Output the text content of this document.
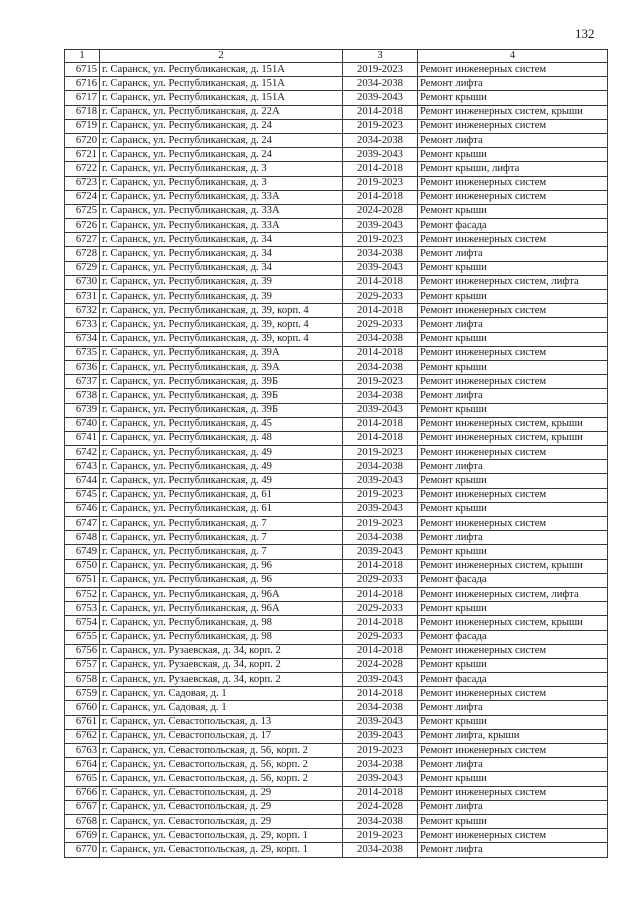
132
1	2	3	4
6715	г. Саранск, ул. Республиканская, д. 151А	2019-2023	Ремонт инженерных систем
6716	г. Саранск, ул. Республиканская, д. 151А	2034-2038	Ремонт лифта
6717	г. Саранск, ул. Республиканская, д. 151А	2039-2043	Ремонт крыши
6718	г. Саранск, ул. Республиканская, д. 22А	2014-2018	Ремонт инженерных систем, крыши
6719	г. Саранск, ул. Республиканская, д. 24	2019-2023	Ремонт инженерных систем
6720	г. Саранск, ул. Республиканская, д. 24	2034-2038	Ремонт лифта
6721	г. Саранск, ул. Республиканская, д. 24	2039-2043	Ремонт крыши
6722	г. Саранск, ул. Республиканская, д. 3	2014-2018	Ремонт крыши, лифта
6723	г. Саранск, ул. Республиканская, д. 3	2019-2023	Ремонт инженерных систем
6724	г. Саранск, ул. Республиканская, д. 33А	2014-2018	Ремонт инженерных систем
6725	г. Саранск, ул. Республиканская, д. 33А	2024-2028	Ремонт крыши
6726	г. Саранск, ул. Республиканская, д. 33А	2039-2043	Ремонт фасада
6727	г. Саранск, ул. Республиканская, д. 34	2019-2023	Ремонт инженерных систем
6728	г. Саранск, ул. Республиканская, д. 34	2034-2038	Ремонт лифта
6729	г. Саранск, ул. Республиканская, д. 34	2039-2043	Ремонт крыши
6730	г. Саранск, ул. Республиканская, д. 39	2014-2018	Ремонт инженерных систем, лифта
6731	г. Саранск, ул. Республиканская, д. 39	2029-2033	Ремонт крыши
6732	г. Саранск, ул. Республиканская, д. 39, корп. 4	2014-2018	Ремонт инженерных систем
6733	г. Саранск, ул. Республиканская, д. 39, корп. 4	2029-2033	Ремонт лифта
6734	г. Саранск, ул. Республиканская, д. 39, корп. 4	2034-2038	Ремонт крыши
6735	г. Саранск, ул. Республиканская, д. 39А	2014-2018	Ремонт инженерных систем
6736	г. Саранск, ул. Республиканская, д. 39А	2034-2038	Ремонт крыши
6737	г. Саранск, ул. Республиканская, д. 39Б	2019-2023	Ремонт инженерных систем
6738	г. Саранск, ул. Республиканская, д. 39Б	2034-2038	Ремонт лифта
6739	г. Саранск, ул. Республиканская, д. 39Б	2039-2043	Ремонт крыши
6740	г. Саранск, ул. Республиканская, д. 45	2014-2018	Ремонт инженерных систем, крыши
6741	г. Саранск, ул. Республиканская, д. 48	2014-2018	Ремонт инженерных систем, крыши
6742	г. Саранск, ул. Республиканская, д. 49	2019-2023	Ремонт инженерных систем
6743	г. Саранск, ул. Республиканская, д. 49	2034-2038	Ремонт лифта
6744	г. Саранск, ул. Республиканская, д. 49	2039-2043	Ремонт крыши
6745	г. Саранск, ул. Республиканская, д. 61	2019-2023	Ремонт инженерных систем
6746	г. Саранск, ул. Республиканская, д. 61	2039-2043	Ремонт крыши
6747	г. Саранск, ул. Республиканская, д. 7	2019-2023	Ремонт инженерных систем
6748	г. Саранск, ул. Республиканская, д. 7	2034-2038	Ремонт лифта
6749	г. Саранск, ул. Республиканская, д. 7	2039-2043	Ремонт крыши
6750	г. Саранск, ул. Республиканская, д. 96	2014-2018	Ремонт инженерных систем, крыши
6751	г. Саранск, ул. Республиканская, д. 96	2029-2033	Ремонт фасада
6752	г. Саранск, ул. Республиканская, д. 96А	2014-2018	Ремонт инженерных систем, лифта
6753	г. Саранск, ул. Республиканская, д. 96А	2029-2033	Ремонт крыши
6754	г. Саранск, ул. Республиканская, д. 98	2014-2018	Ремонт инженерных систем, крыши
6755	г. Саранск, ул. Республиканская, д. 98	2029-2033	Ремонт фасада
6756	г. Саранск, ул. Рузаевская, д. 34, корп. 2	2014-2018	Ремонт инженерных систем
6757	г. Саранск, ул. Рузаевская, д. 34, корп. 2	2024-2028	Ремонт крыши
6758	г. Саранск, ул. Рузаевская, д. 34, корп. 2	2039-2043	Ремонт фасада
6759	г. Саранск, ул. Садовая, д. 1	2014-2018	Ремонт инженерных систем
6760	г. Саранск, ул. Садовая, д. 1	2034-2038	Ремонт лифта
6761	г. Саранск, ул. Севастопольская, д. 13	2039-2043	Ремонт крыши
6762	г. Саранск, ул. Севастопольская, д. 17	2039-2043	Ремонт лифта, крыши
6763	г. Саранск, ул. Севастопольская, д. 56, корп. 2	2019-2023	Ремонт инженерных систем
6764	г. Саранск, ул. Севастопольская, д. 56, корп. 2	2034-2038	Ремонт лифта
6765	г. Саранск, ул. Севастопольская, д. 56, корп. 2	2039-2043	Ремонт крыши
6766	г. Саранск, ул. Севастопольская, д. 29	2014-2018	Ремонт инженерных систем
6767	г. Саранск, ул. Севастопольская, д. 29	2024-2028	Ремонт лифта
6768	г. Саранск, ул. Севастопольская, д. 29	2034-2038	Ремонт крыши
6769	г. Саранск, ул. Севастопольская, д. 29, корп. 1	2019-2023	Ремонт инженерных систем
6770	г. Саранск, ул. Севастопольская, д. 29, корп. 1	2034-2038	Ремонт лифта
